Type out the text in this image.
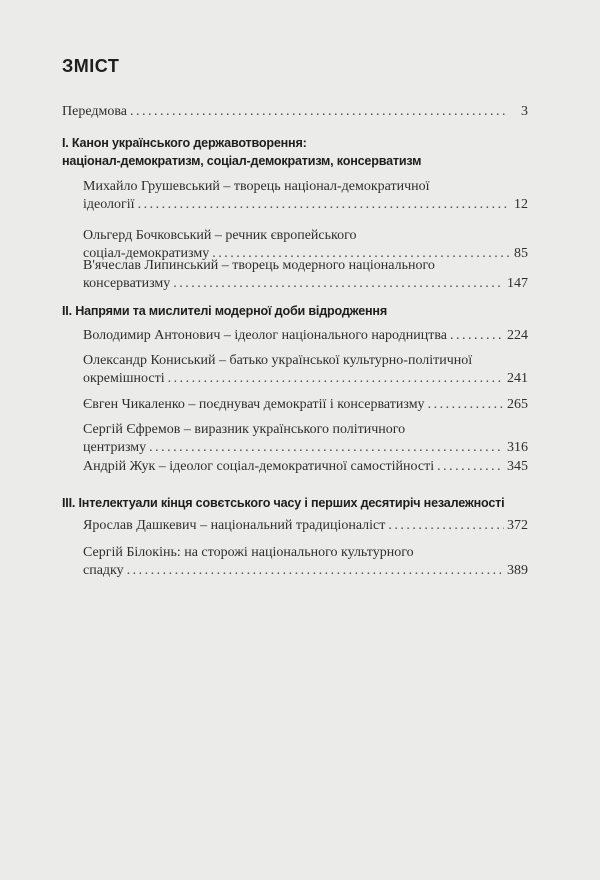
ЗМІСТ
Передмова . . .	3
I. Канон українського державотворення:
націонал-демократизм, соціал-демократизм, консерватизм
Михайло Грушевський – творець націонал-демократичної
ідеології . . .	12
Ольгерд Бочковський – речник європейського
соціал-демократизму . . .	85
В'ячеслав Липинський – творець модерного національного
консерватизму . . .	147
II. Напрями та мислителі модерної доби відродження
Володимир Антонович – ідеолог національного народництва . . .	224
Олександр Кониський – батько української культурно-політичної
окремішності . . .	241
Євген Чикаленко – поєднувач демократії і консерватизму . . .	265
Сергій Єфремов – виразник українського політичного
центризму . . .	316
Андрій Жук – ідеолог соціал-демократичної самостійності . . .	345
III. Інтелектуали кінця совєтського часу і перших десятиріч незалежності
Ярослав Дашкевич – національний традиціоналіст . . .	372
Сергій Білокінь: на сторожі національного культурного
спадку . . .	389
